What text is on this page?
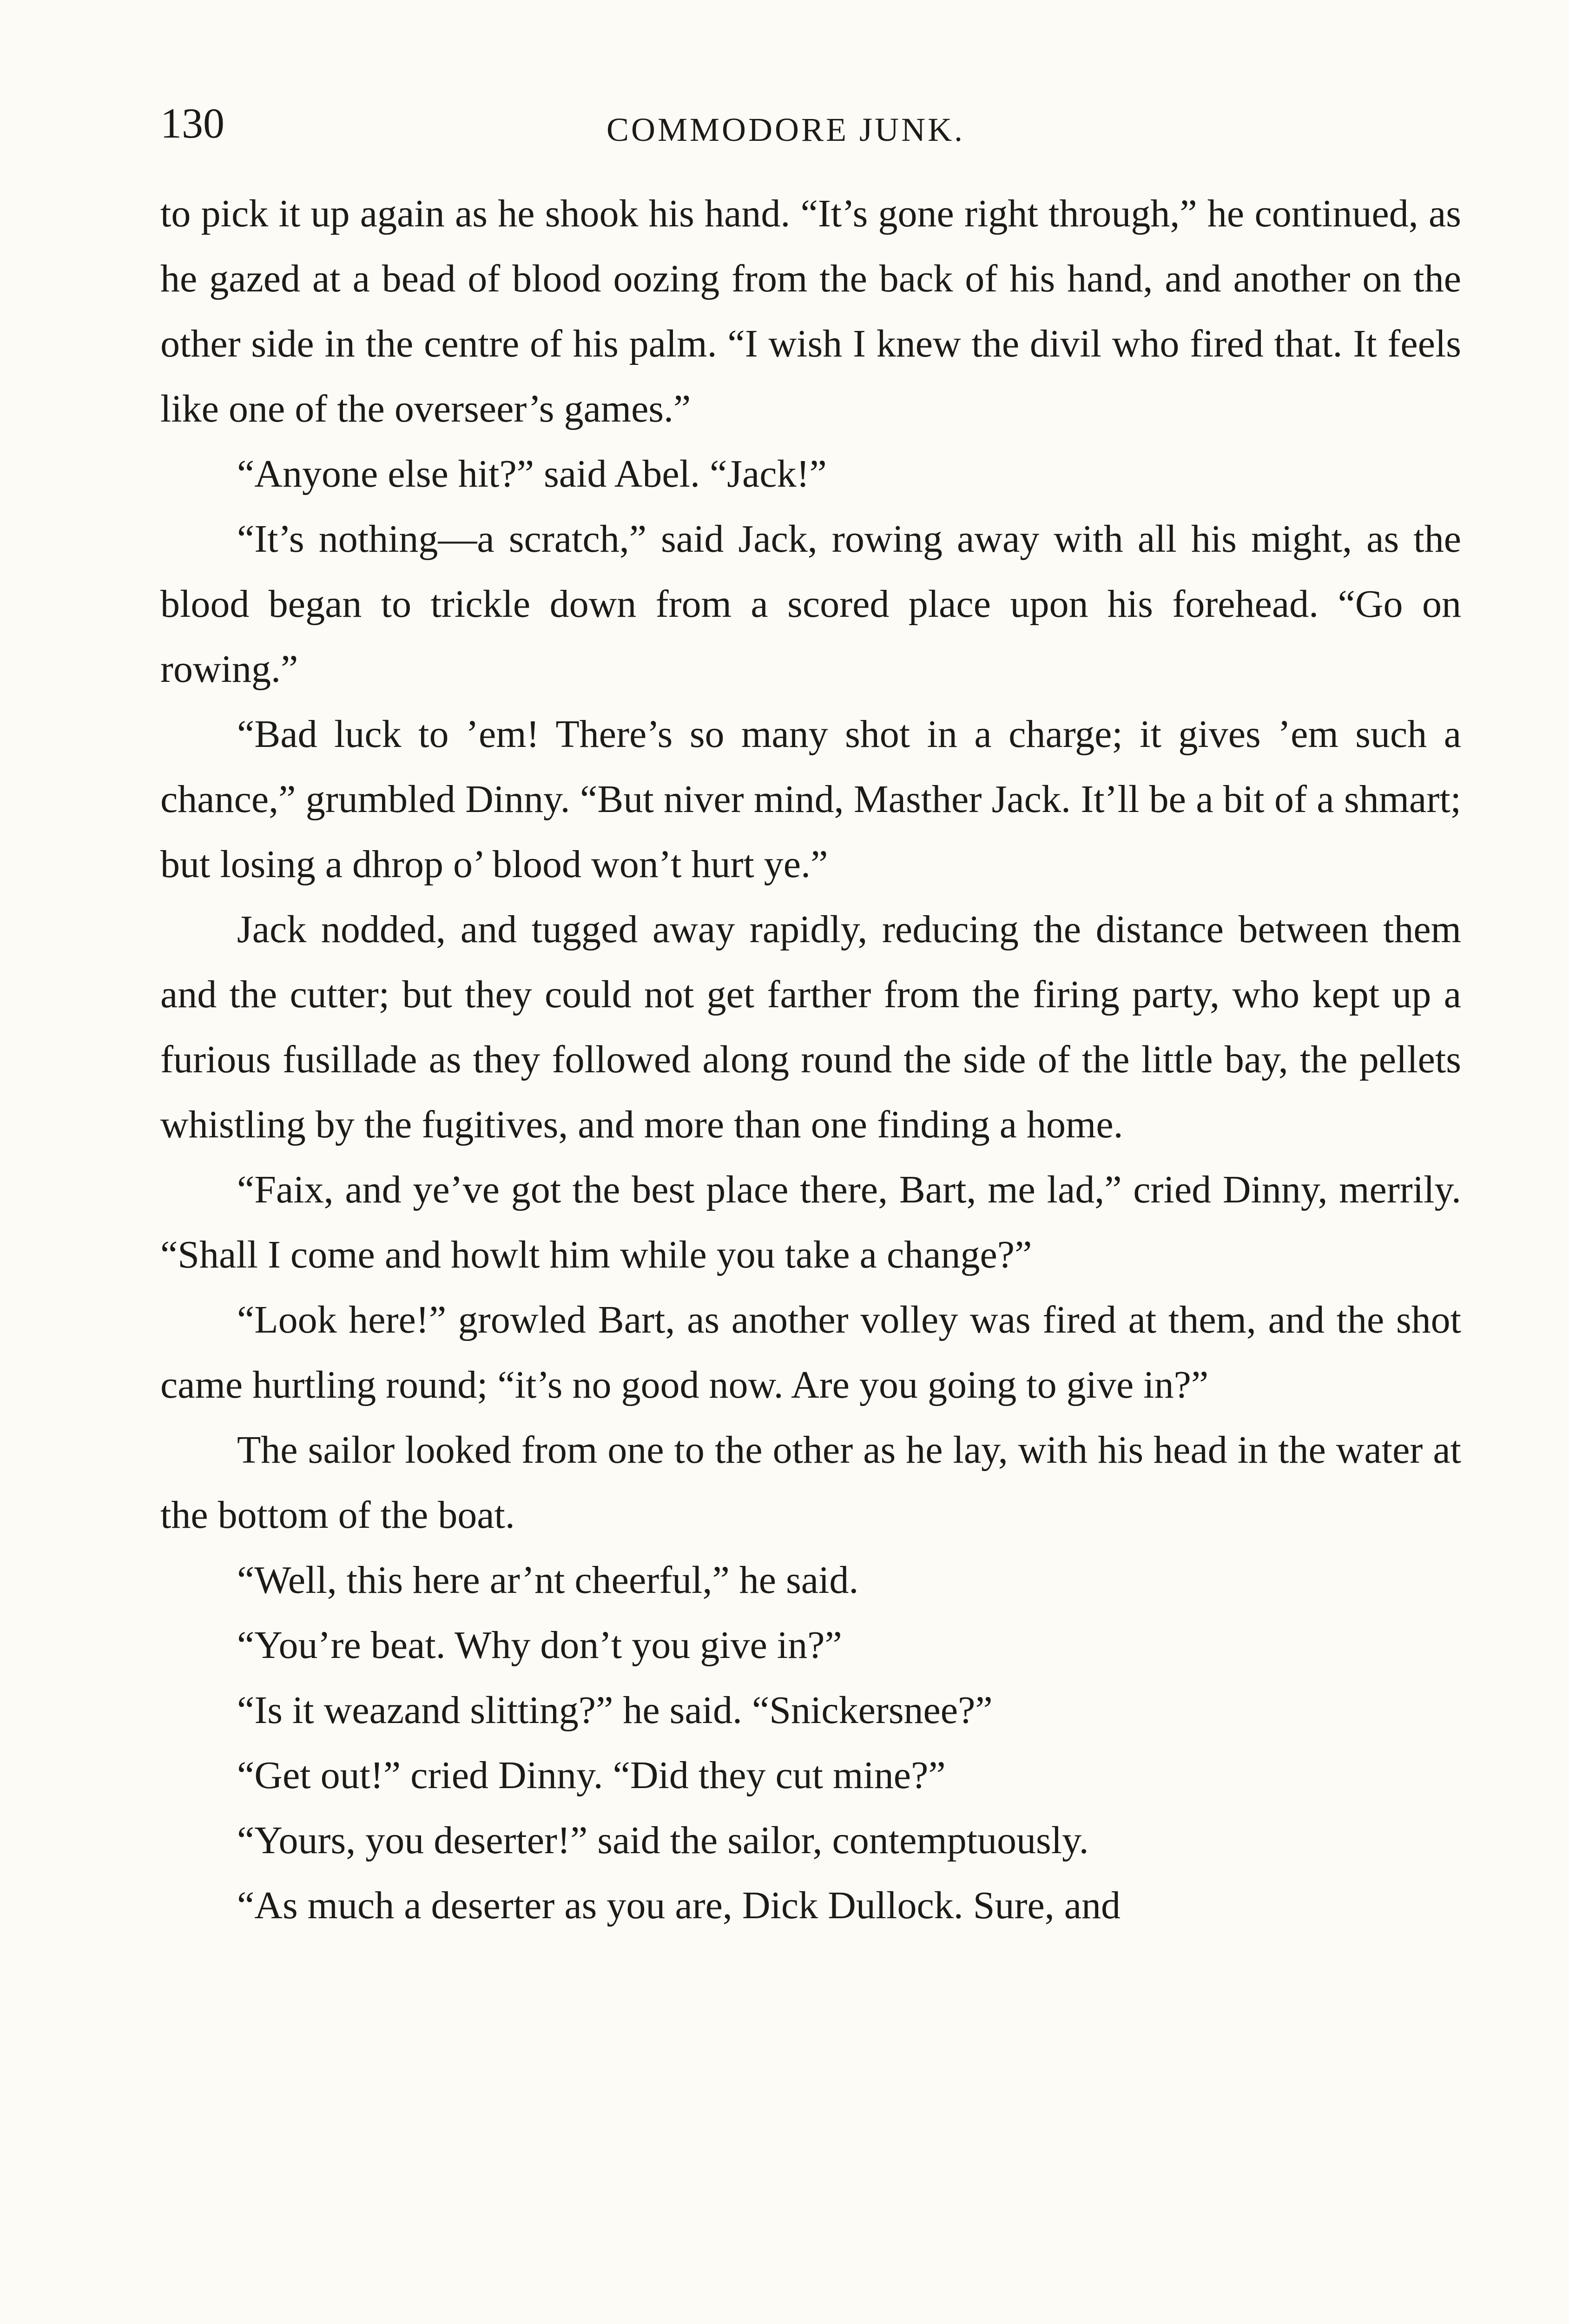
130	COMMODORE JUNK.

to pick it up again as he shook his hand. “It’s gone right through,” he continued, as he gazed at a bead of blood oozing from the back of his hand, and another on the other side in the centre of his palm. “I wish I knew the divil who fired that. It feels like one of the overseer’s games.”

“Anyone else hit?” said Abel. “Jack!”

“It’s nothing—a scratch,” said Jack, rowing away with all his might, as the blood began to trickle down from a scored place upon his forehead. “Go on rowing.”

“Bad luck to ’em! There’s so many shot in a charge; it gives ’em such a chance,” grumbled Dinny. “But niver mind, Masther Jack. It’ll be a bit of a shmart; but losing a dhrop o’ blood won’t hurt ye.”

Jack nodded, and tugged away rapidly, reducing the distance between them and the cutter; but they could not get farther from the firing party, who kept up a furious fusillade as they followed along round the side of the little bay, the pellets whistling by the fugitives, and more than one finding a home.

“Faix, and ye’ve got the best place there, Bart, me lad,” cried Dinny, merrily. “Shall I come and howlt him while you take a change?”

“Look here!” growled Bart, as another volley was fired at them, and the shot came hurtling round; “it’s no good now. Are you going to give in?”

The sailor looked from one to the other as he lay, with his head in the water at the bottom of the boat.

“Well, this here ar’nt cheerful,” he said.

“You’re beat. Why don’t you give in?”

“Is it weazand slitting?” he said. “Snickersnee?”

“Get out!” cried Dinny. “Did they cut mine?”

“Yours, you deserter!” said the sailor, contemptuously.

“As much a deserter as you are, Dick Dullock. Sure, and
